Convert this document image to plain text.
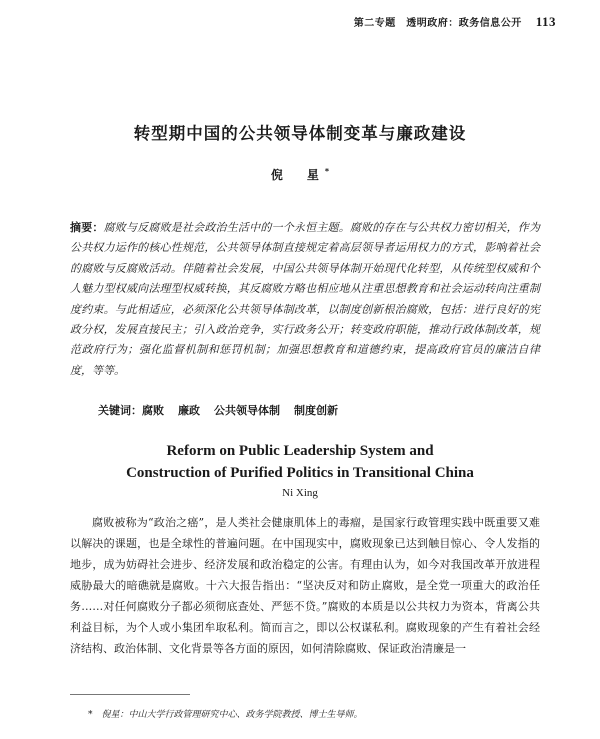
第二专题　透明政府：政务信息公开 113
转型期中国的公共领导体制变革与廉政建设
倪　星*
摘要：腐败与反腐败是社会政治生活中的一个永恒主题。腐败的存在与公共权力密切相关，作为公共权力运作的核心性规范，公共领导体制直接规定着高层领导者运用权力的方式，影响着社会的腐败与反腐败活动。伴随着社会发展，中国公共领导体制开始现代化转型，从传统型权威和个人魅力型权威向法理型权威转换，其反腐败方略也相应地从注重思想教育和社会运动转向注重制度约束。与此相适应，必须深化公共领导体制改革，以制度创新根治腐败，包括：进行良好的宪政分权，发展直接民主；引入政治竞争，实行政务公开；转变政府职能，推动行政体制改革，规范政府行为；强化监督机制和惩罚机制；加强思想教育和道德约束，提高政府官员的廉洁自律度，等等。
关键词：腐败 廉政 公共领导体制 制度创新
Reform on Public Leadership System and
Construction of Purified Politics in Transitional China
Ni Xing

腐败被称为“政治之癌”，是人类社会健康肌体上的毒瘤，是国家行政管理实践中既重要又难以解决的课题，也是全球性的普遍问题。在中国现实中，腐败现象已达到触目惊心、令人发指的地步，成为妨碍社会进步、经济发展和政治稳定的公害。有理由认为，如今对我国改革开放进程威胁最大的暗礁就是腐败。十六大报告指出：“坚决反对和防止腐败，是全党一项重大的政治任务……对任何腐败分子都必须彻底查处、严惩不贷。”腐败的本质是以公共权力为资本，背离公共利益目标，为个人或小集团牟取私利。简而言之，即以公权谋私利。腐败现象的产生有着社会经济结构、政治体制、文化背景等各方面的原因，如何清除腐败、保证政治清廉是一

*　倪星：中山大学行政管理研究中心、政务学院教授、博士生导师。
